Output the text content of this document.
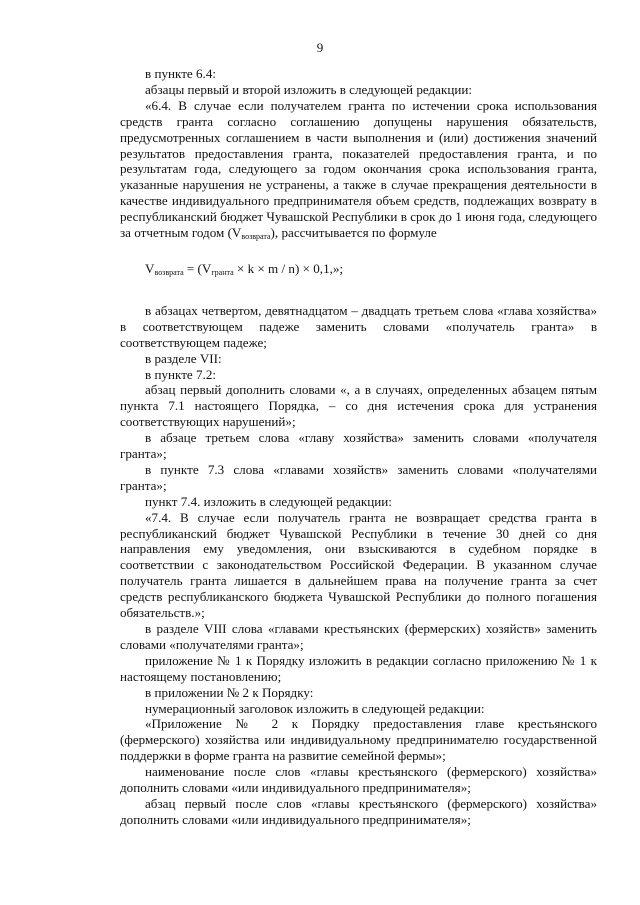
9

в пункте 6.4:

абзацы первый и второй изложить в следующей редакции:

«6.4. В случае если получателем гранта по истечении срока использования средств гранта согласно соглашению допущены нарушения обязательств, предусмотренных соглашением в части выполнения и (или) достижения значений результатов предоставления гранта, показателей предоставления гранта, и по результатам года, следующего за годом окончания срока использования гранта, указанные нарушения не устранены, а также в случае прекращения деятельности в качестве индивидуального предпринимателя объем средств, подлежащих возврату в республиканский бюджет Чувашской Республики в срок до 1 июня года, следующего за отчетным годом $(V_{возврата})$, рассчитывается по формуле

$V_{возврата} = (V_{гранта} \times k \times m / n) \times 0,1$,»;

в абзацах четвертом, девятнадцатом – двадцать третьем слова «глава хозяйства» в соответствующем падеже заменить словами «получатель гранта» в соответствующем падеже;

в разделе VII:

в пункте 7.2:

абзац первый дополнить словами «, а в случаях, определенных абзацем пятым пункта 7.1 настоящего Порядка, – со дня истечения срока для устранения соответствующих нарушений»;

в абзаце третьем слова «главу хозяйства» заменить словами «получателя гранта»;

в пункте 7.3 слова «главами хозяйств» заменить словами «получателями гранта»;

пункт 7.4. изложить в следующей редакции:

«7.4. В случае если получатель гранта не возвращает средства гранта в республиканский бюджет Чувашской Республики в течение 30 дней со дня направления ему уведомления, они взыскиваются в судебном порядке в соответствии с законодательством Российской Федерации. В указанном случае получатель гранта лишается в дальнейшем права на получение гранта за счет средств республиканского бюджета Чувашской Республики до полного погашения обязательств.»;

в разделе VIII слова «главами крестьянских (фермерских) хозяйств» заменить словами «получателями гранта»;

приложение № 1 к Порядку изложить в редакции согласно приложению № 1 к настоящему постановлению;

в приложении № 2 к Порядку:

нумерационный заголовок изложить в следующей редакции:

«Приложение № 2 к Порядку предоставления главе крестьянского (фермерского) хозяйства или индивидуальному предпринимателю государственной поддержки в форме гранта на развитие семейной фермы»;

наименование после слов «главы крестьянского (фермерского) хозяйства» дополнить словами «или индивидуального предпринимателя»;

абзац первый после слов «главы крестьянского (фермерского) хозяйства» дополнить словами «или индивидуального предпринимателя»;
